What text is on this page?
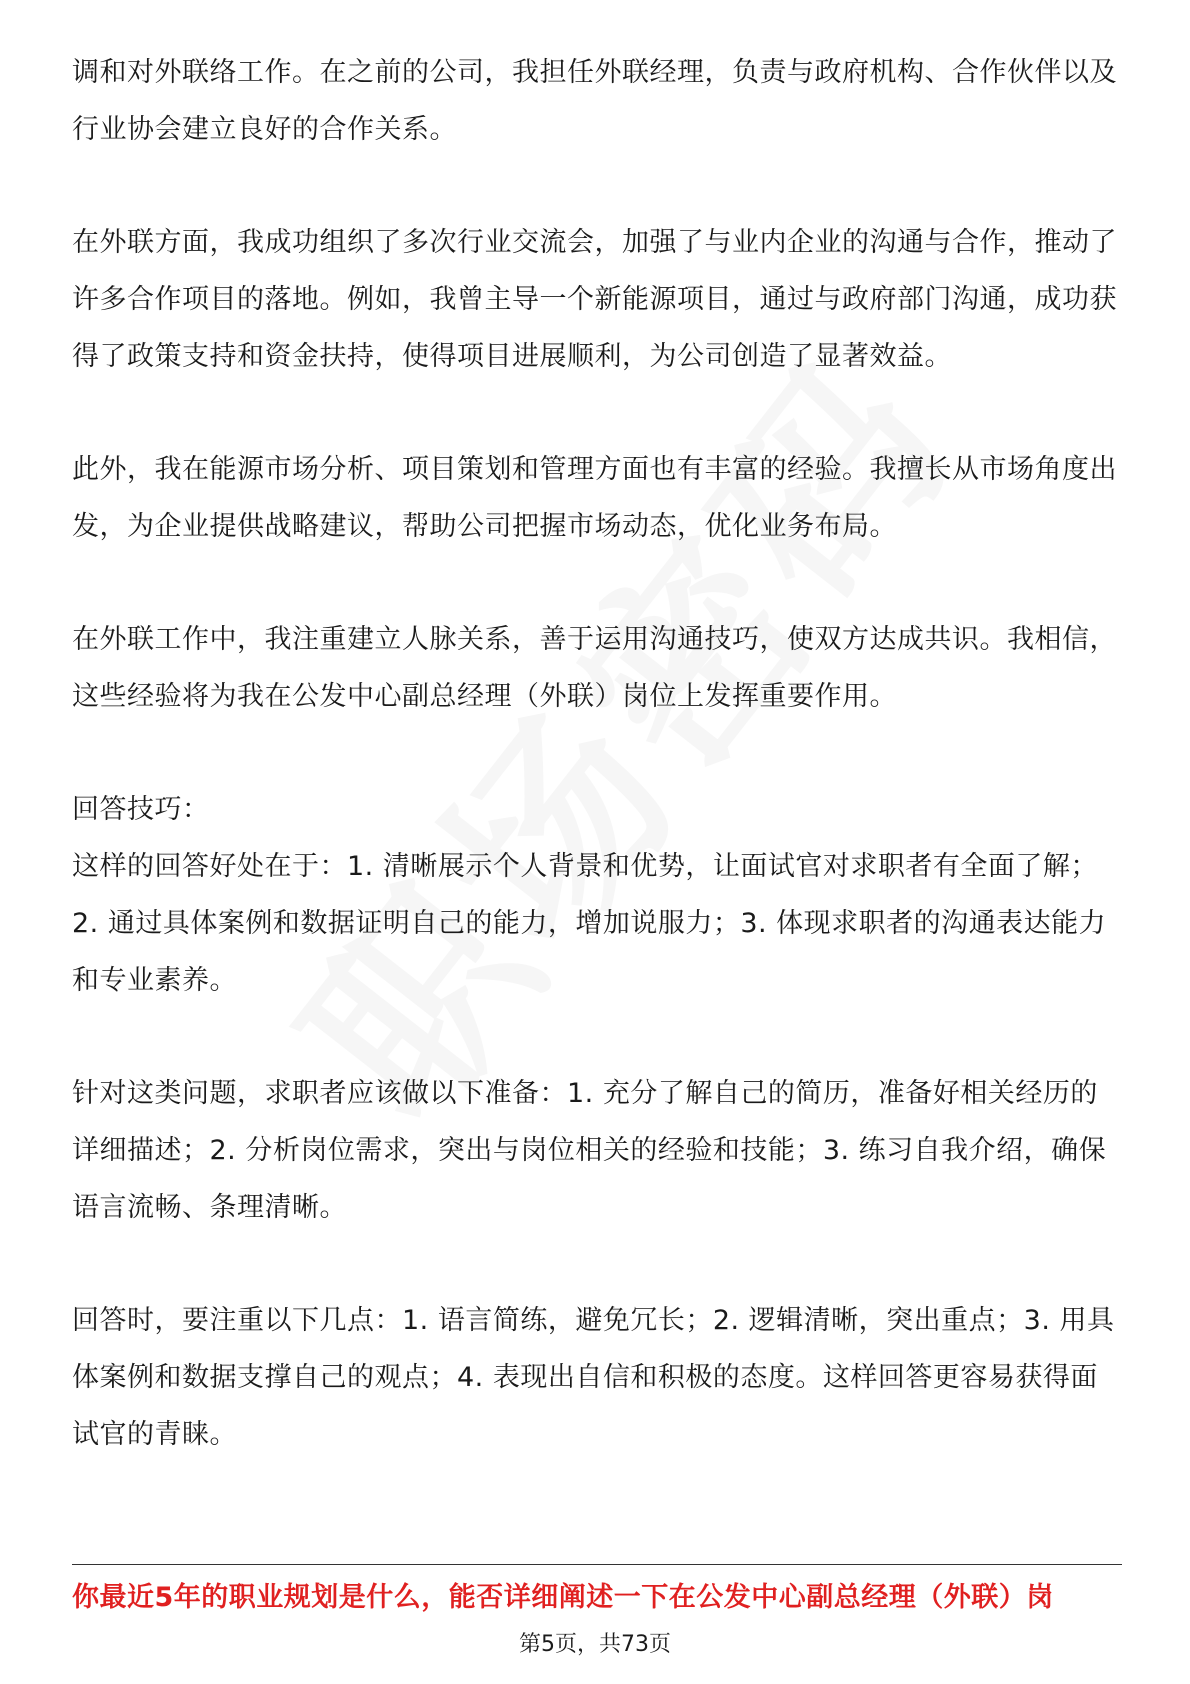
调和对外联络工作。在之前的公司，我担任外联经理，负责与政府机构、合作伙伴以及行业协会建立良好的合作关系。

在外联方面，我成功组织了多次行业交流会，加强了与业内企业的沟通与合作，推动了许多合作项目的落地。例如，我曾主导一个新能源项目，通过与政府部门沟通，成功获得了政策支持和资金扶持，使得项目进展顺利，为公司创造了显著效益。

此外，我在能源市场分析、项目策划和管理方面也有丰富的经验。我擅长从市场角度出发，为企业提供战略建议，帮助公司把握市场动态，优化业务布局。

在外联工作中，我注重建立人脉关系，善于运用沟通技巧，使双方达成共识。我相信，这些经验将为我在公发中心副总经理（外联）岗位上发挥重要作用。

回答技巧：

这样的回答好处在于：1. 清晰展示个人背景和优势，让面试官对求职者有全面了解；2. 通过具体案例和数据证明自己的能力，增加说服力；3. 体现求职者的沟通表达能力和专业素养。

针对这类问题，求职者应该做以下准备：1. 充分了解自己的简历，准备好相关经历的详细描述；2. 分析岗位需求，突出与岗位相关的经验和技能；3. 练习自我介绍，确保语言流畅、条理清晰。

回答时，要注重以下几点：1. 语言简练，避免冗长；2. 逻辑清晰，突出重点；3. 用具体案例和数据支撑自己的观点；4. 表现出自信和积极的态度。这样回答更容易获得面试官的青睐。

你最近5年的职业规划是什么，能否详细阐述一下在公发中心副总经理（外联）岗
第5页，共73页
